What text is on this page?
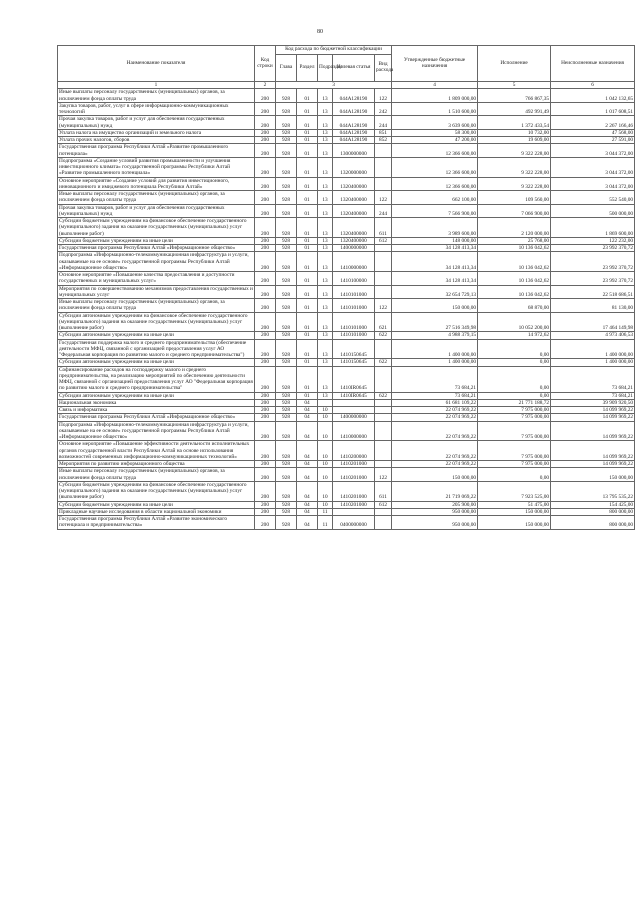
80
Наименование показателя	Код строки	Код расхода по бюджетной классификации					Утвержденные бюджетные назначения	Исполнение	Неисполненные назначения
		Глава	Раздел	Подраздел	Целевая статья	Вид расхода			
1	2	3					4	5	6
Иные выплаты персоналу государственных (муниципальных) органов, за исключением фонда оплаты труда	200	928	01	13	044A128190	122	1 809 000,00	766 867,35	1 042 132,65
Закупка товаров, работ, услуг в сфере информационно-коммуникационных технологий	200	928	01	13	044A128190	242	1 510 600,00	492 991,49	1 017 608,51
Прочая закупка товаров, работ и услуг для обеспечения государственных (муниципальных) нужд	200	928	01	13	044A128190	244	3 639 600,00	1 372 433,54	2 267 166,46
Уплата налога на имущество организаций и земельного налога	200	928	01	13	044A128190	851	58 300,00	10 732,00	47 568,00
Уплата прочих налогов, сборов	200	928	01	13	044A128190	852	47 200,00	19 609,00	27 591,00
Государственная программа Республики Алтай «Развитие промышленного потенциала»	200	928	01	13	1300000000		12 366 600,00	9 322 228,00	3 044 372,00
Подпрограмма «Создание условий развития промышленности и улучшения инвестиционного климата» государственной программы Республики Алтай «Развитие промышленного потенциала»	200	928	01	13	1320000000		12 366 600,00	9 322 228,00	3 044 372,00
Основное мероприятие «Создание условий для развития инвестиционного, инновационного и имиджевого потенциала Республики Алтай»	200	928	01	13	1320400000		12 366 600,00	9 322 228,00	3 044 372,00
Иные выплаты персоналу государственных (муниципальных) органов, за исключением фонда оплаты труда	200	928	01	13	1320400000	122	662 100,00	109 560,00	552 540,00
Прочая закупка товаров, работ и услуг для обеспечения государственных (муниципальных) нужд	200	928	01	13	1320400000	244	7 566 900,00	7 066 900,00	500 000,00
Субсидии бюджетным учреждениям на финансовое обеспечение государственного (муниципального) задания на оказание государственных (муниципальных) услуг (выполнение работ)	200	928	01	13	1320400000	611	3 989 600,00	2 120 000,00	1 869 600,00
Субсидии бюджетным учреждениям на иные цели	200	928	01	13	1320400000	612	148 000,00	25 768,00	122 232,00
Государственная программа Республики Алтай «Информационное общество»	200	928	01	13	1400000000		34 128 413,34	10 136 042,62	23 992 370,72
Подпрограмма «Информационно-телекоммуникационная инфраструктура и услуги, оказываемые на ее основе» государственной программы Республики Алтай «Информационное общество»	200	928	01	13	1410000000		34 128 413,34	10 136 042,62	23 992 370,72
Основное мероприятие «Повышение качества предоставления и доступности государственных и муниципальных услуг»	200	928	01	13	1410100000		34 128 413,34	10 136 042,62	23 992 370,72
Мероприятия по совершенствованию механизмов предоставления государственных и муниципальных услуг	200	928	01	13	1410101000		32 654 729,13	10 136 042,62	22 518 686,51
Иные выплаты персоналу государственных (муниципальных) органов, за исключением фонда оплаты труда	200	928	01	13	1410101000	122	150 000,00	68 870,00	81 130,00
Субсидии автономным учреждениям на финансовое обеспечение государственного (муниципального) задания на оказание государственных (муниципальных) услуг (выполнение работ)	200	928	01	13	1410101000	621	27 516 349,98	10 052 200,00	17 464 149,98
Субсидии автономным учреждениям на иные цели	200	928	01	13	1410101000	622	4 988 379,15	14 972,62	4 973 406,53
Государственная поддержка малого и среднего предпринимательства (обеспечение деятельности МФЦ, связанной с организацией предоставления услуг АО "Федеральная корпорация по развитию малого и среднего предпринимательства")	200	928	01	13	1410150645		1 400 000,00	0,00	1 400 000,00
Субсидии автономным учреждениям на иные цели	200	928	01	13	1410150645	622	1 400 000,00	0,00	1 400 000,00
Софинансирование расходов на господдержку малого и среднего предпринимательства, на реализацию мероприятий по обеспечению деятельности МФЦ, связанной с организацией предоставления услуг АО "Федеральная корпорация по развитию малого и среднего предпринимательства"	200	928	01	13	1410IR0645		73 684,21	0,00	73 684,21
Субсидии автономным учреждениям на иные цели	200	928	01	13	1410IR0645	622	73 684,21	0,00	73 684,21
Национальная экономика	200	928	04				61 681 109,22	21 771 188,72	39 909 920,50
Связь и информатика	200	928	04	10			22 074 969,22	7 975 000,00	14 099 969,22
Государственная программа Республики Алтай «Информационное общество»	200	928	04	10	1400000000		22 074 969,22	7 975 000,00	14 099 969,22
Подпрограмма «Информационно-телекоммуникационная инфраструктура и услуги, оказываемые на ее основе» государственной программы Республики Алтай «Информационное общество»	200	928	04	10	1410000000		22 074 969,22	7 975 000,00	14 099 969,22
Основное мероприятие «Повышение эффективности деятельности исполнительных органов государственной власти Республики Алтай на основе использования возможностей современных информационно-коммуникационных технологий»	200	928	04	10	1410200000		22 074 969,22	7 975 000,00	14 099 969,22
Мероприятия по развитию информационного общества	200	928	04	10	1410201000		22 074 969,22	7 975 000,00	14 099 969,22
Иные выплаты персоналу государственных (муниципальных) органов, за исключением фонда оплаты труда	200	928	04	10	1410201000	122	150 000,00	0,00	150 000,00
Субсидии бюджетным учреждениям на финансовое обеспечение государственного (муниципального) задания на оказание государственных (муниципальных) услуг (выполнение работ)	200	928	04	10	1410201000	611	21 719 069,22	7 923 525,00	13 795 535,22
Субсидии бюджетным учреждениям на иные цели	200	928	04	10	1410201000	612	205 900,00	51 475,00	154 425,00
Прикладные научные исследования в области национальной экономики	200	928	04	11			950 000,00	150 000,00	800 000,00
Государственная программа Республики Алтай «Развитие экономического потенциала и предпринимательства»	200	928	04	11	0400000000		950 000,00	150 000,00	800 000,00
